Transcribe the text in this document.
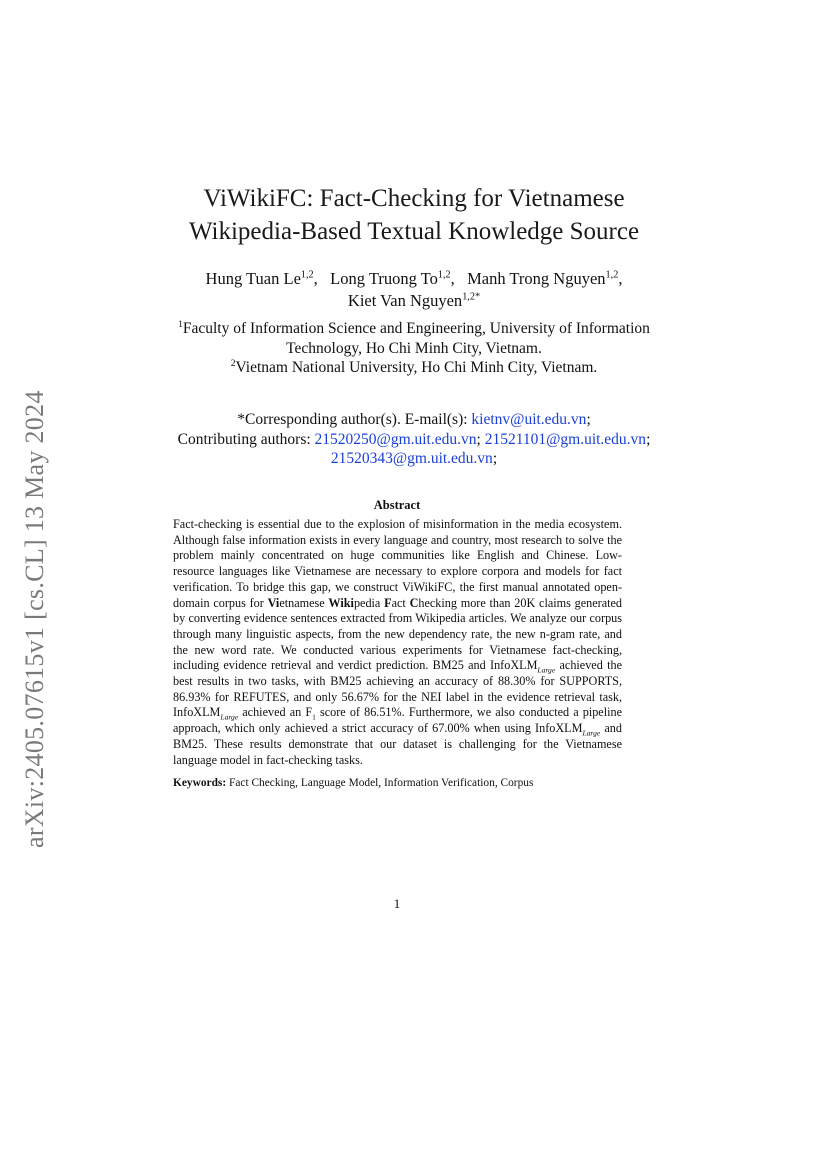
arXiv:2405.07615v1 [cs.CL] 13 May 2024
ViWikiFC: Fact-Checking for Vietnamese
Wikipedia-Based Textual Knowledge Source
Hung Tuan Le$^{1,2}$,   Long Truong To$^{1,2}$,   Manh Trong Nguyen$^{1,2}$,
Kiet Van Nguyen$^{1,2*}$
$^1$Faculty of Information Science and Engineering, University of Information
Technology, Ho Chi Minh City, Vietnam.
$^2$Vietnam National University, Ho Chi Minh City, Vietnam.
*Corresponding author(s). E-mail(s): kietnv@uit.edu.vn;
Contributing authors: 21520250@gm.uit.edu.vn; 21521101@gm.uit.edu.vn;
21520343@gm.uit.edu.vn;
Abstract
Fact-checking is essential due to the explosion of misinformation in the media ecosystem. Although false information exists in every language and country, most research to solve the problem mainly concentrated on huge communities like English and Chinese. Low-resource languages like Vietnamese are necessary to explore corpora and models for fact verification. To bridge this gap, we construct ViWikiFC, the first manual annotated open-domain corpus for Vietnamese Wikipedia Fact Checking more than 20K claims generated by converting evidence sentences extracted from Wikipedia articles. We analyze our corpus through many linguistic aspects, from the new dependency rate, the new n-gram rate, and the new word rate. We conducted various experiments for Vietnamese fact-checking, including evidence retrieval and verdict prediction. BM25 and InfoXLM$_{Large}$ achieved the best results in two tasks, with BM25 achieving an accuracy of 88.30% for SUPPORTS, 86.93% for REFUTES, and only 56.67% for the NEI label in the evidence retrieval task, InfoXLM$_{Large}$ achieved an $F_1$ score of 86.51%. Furthermore, we also conducted a pipeline approach, which only achieved a strict accuracy of 67.00% when using InfoXLM$_{Large}$ and BM25. These results demonstrate that our dataset is challenging for the Vietnamese language model in fact-checking tasks.
Keywords: Fact Checking, Language Model, Information Verification, Corpus
1
